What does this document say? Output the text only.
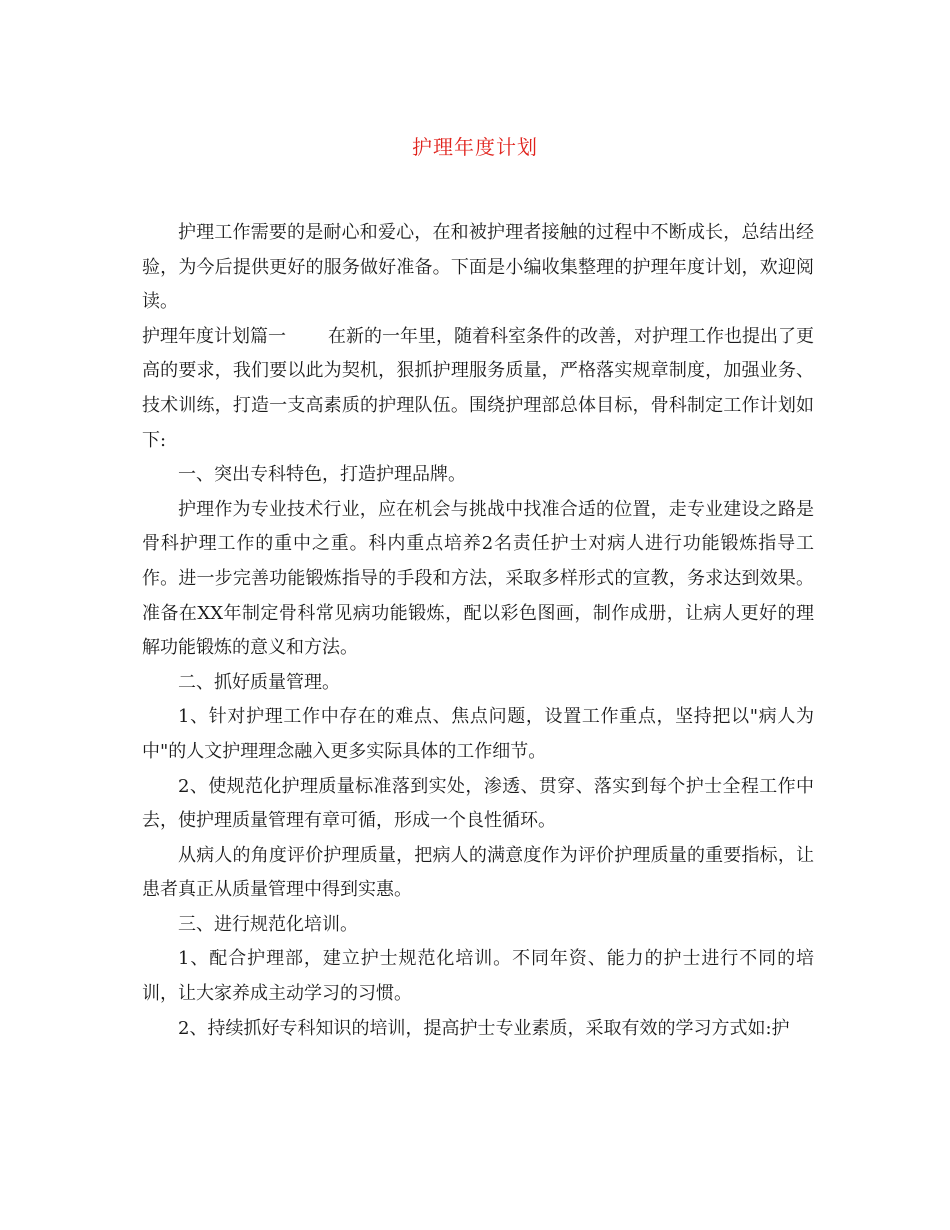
护理年度计划

护理工作需要的是耐心和爱心，在和被护理者接触的过程中不断成长，总结出经验，为今后提供更好的服务做好准备。下面是小编收集整理的护理年度计划，欢迎阅读。

护理年度计划篇一 在新的一年里，随着科室条件的改善，对护理工作也提出了更高的要求，我们要以此为契机，狠抓护理服务质量，严格落实规章制度，加强业务、技术训练，打造一支高素质的护理队伍。围绕护理部总体目标，骨科制定工作计划如下:

一、突出专科特色，打造护理品牌。

护理作为专业技术行业，应在机会与挑战中找准合适的位置，走专业建设之路是骨科护理工作的重中之重。科内重点培养2名责任护士对病人进行功能锻炼指导工作。进一步完善功能锻炼指导的手段和方法，采取多样形式的宣教，务求达到效果。准备在XX年制定骨科常见病功能锻炼，配以彩色图画，制作成册，让病人更好的理解功能锻炼的意义和方法。

二、抓好质量管理。

1、针对护理工作中存在的难点、焦点问题，设置工作重点，坚持把以"病人为中"的人文护理理念融入更多实际具体的工作细节。

2、使规范化护理质量标准落到实处，渗透、贯穿、落实到每个护士全程工作中去，使护理质量管理有章可循，形成一个良性循环。

从病人的角度评价护理质量，把病人的满意度作为评价护理质量的重要指标，让患者真正从质量管理中得到实惠。

三、进行规范化培训。

1、配合护理部，建立护士规范化培训。不同年资、能力的护士进行不同的培训，让大家养成主动学习的习惯。

2、持续抓好专科知识的培训，提高护士专业素质，采取有效的学习方式如:护
